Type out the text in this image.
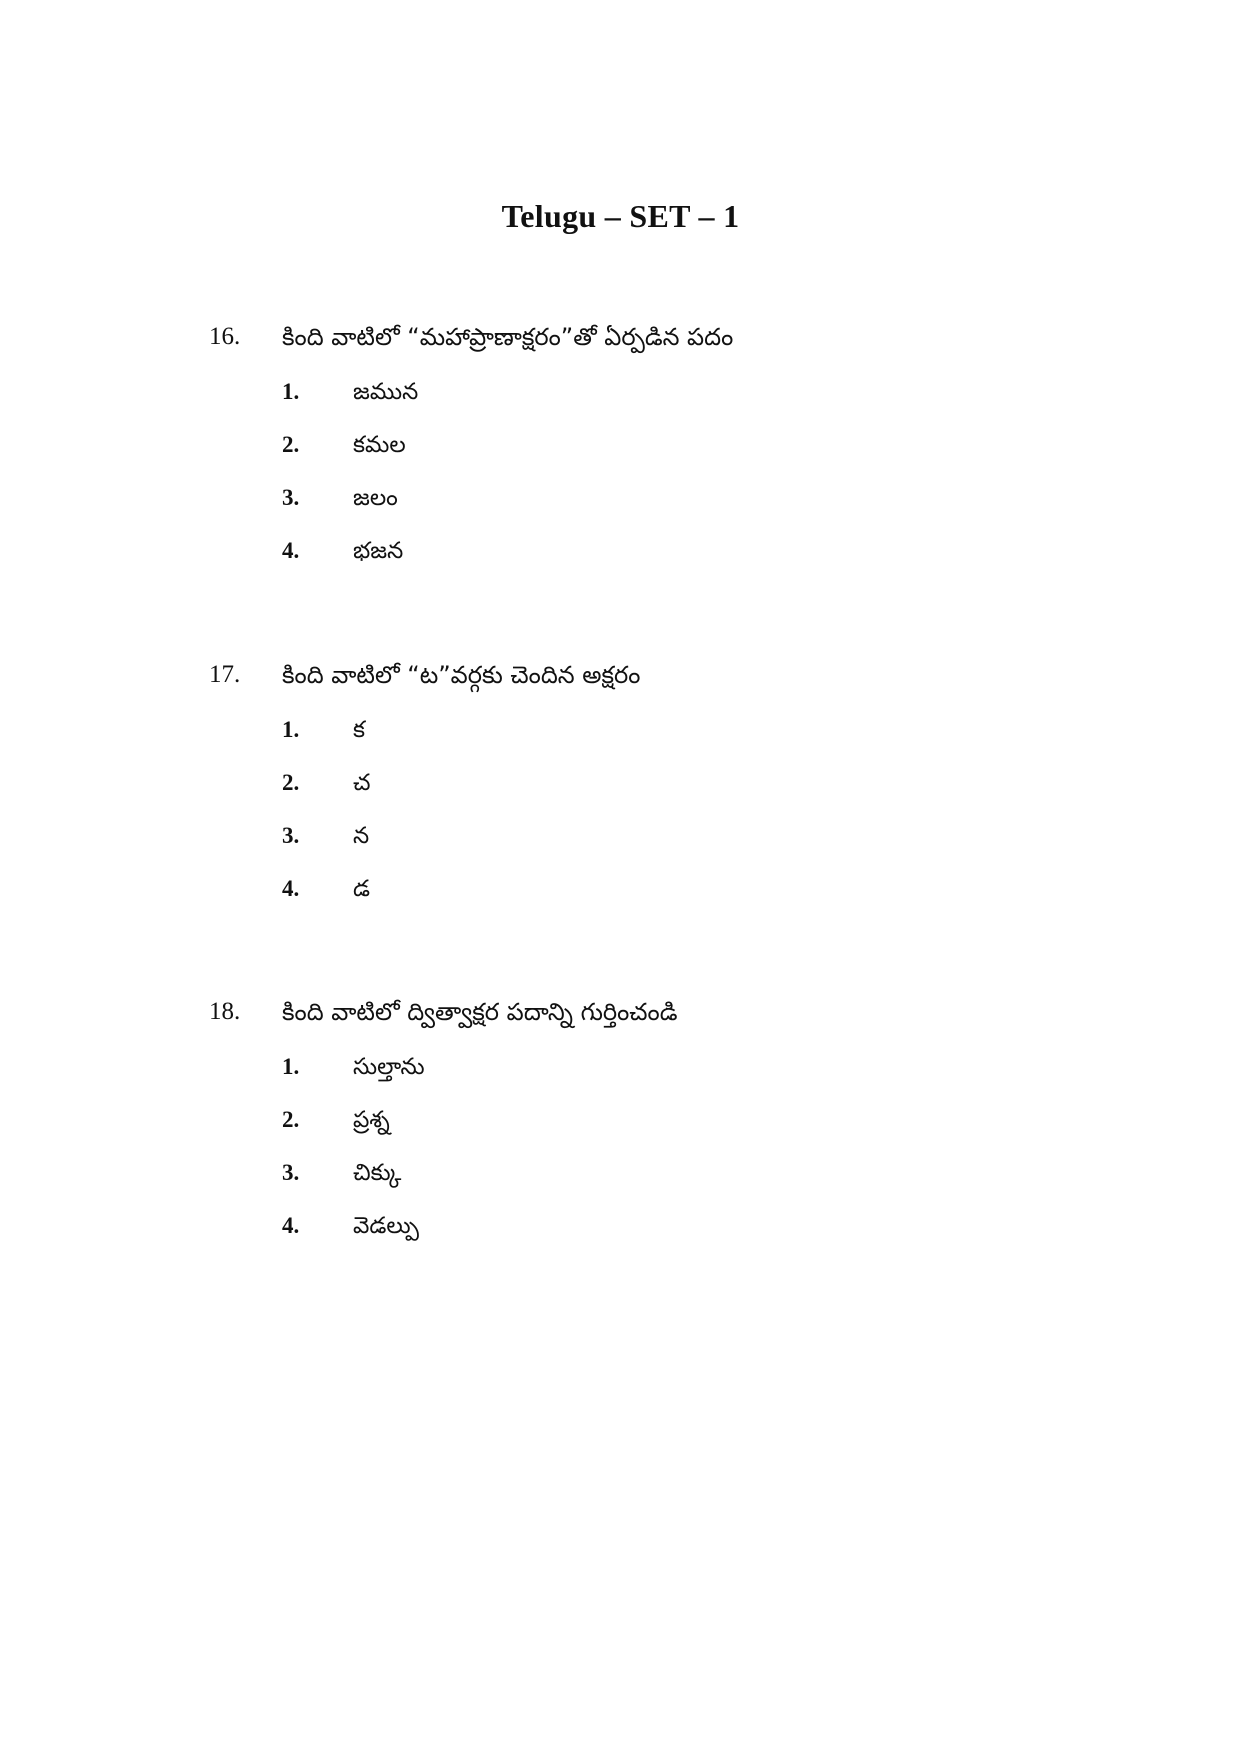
Telugu – SET – 1
16. కింది వాటిలో “మహాప్రాణాక్షరం”తో ఏర్పడిన పదం
1. జమున
2. కమల
3. జలం
4. భజన
17. కింది వాటిలో “ట”వర్గకు చెందిన అక్షరం
1. క
2. చ
3. న
4. డ
18. కింది వాటిలో ద్విత్వాక్షర పదాన్ని గుర్తించండి
1. సుల్తాను
2. ప్రశ్న
3. చిక్కు
4. వెడల్పు
